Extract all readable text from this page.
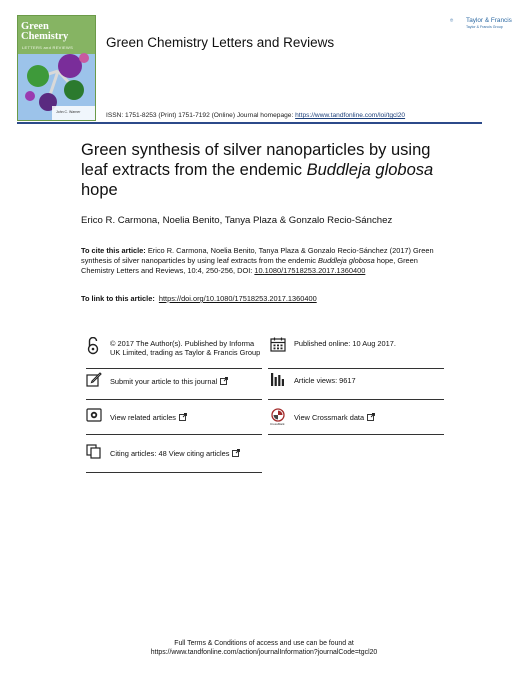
Green Chemistry
LETTERS and REVIEWS
John C. Warner
Green Chemistry Letters and Reviews
ISSN: 1751-8253 (Print) 1751-7192 (Online) Journal homepage: https://www.tandfonline.com/loi/tgcl20
Taylor & Francis
Taylor & Francis Group
Green synthesis of silver nanoparticles by using leaf extracts from the endemic Buddleja globosa hope
Erico R. Carmona, Noelia Benito, Tanya Plaza & Gonzalo Recio-Sánchez
To cite this article: Erico R. Carmona, Noelia Benito, Tanya Plaza & Gonzalo Recio-Sánchez (2017) Green synthesis of silver nanoparticles by using leaf extracts from the endemic Buddleja globosa hope, Green Chemistry Letters and Reviews, 10:4, 250-256, DOI: 10.1080/17518253.2017.1360400
To link to this article: https://doi.org/10.1080/17518253.2017.1360400
© 2017 The Author(s). Published by Informa UK Limited, trading as Taylor & Francis Group
Published online: 10 Aug 2017.
Submit your article to this journal	Article views: 9617
View related articles	View Crossmark data
CrossMark
Citing articles: 48 View citing articles
Full Terms & Conditions of access and use can be found at
https://www.tandfonline.com/action/journalInformation?journalCode=tgcl20
